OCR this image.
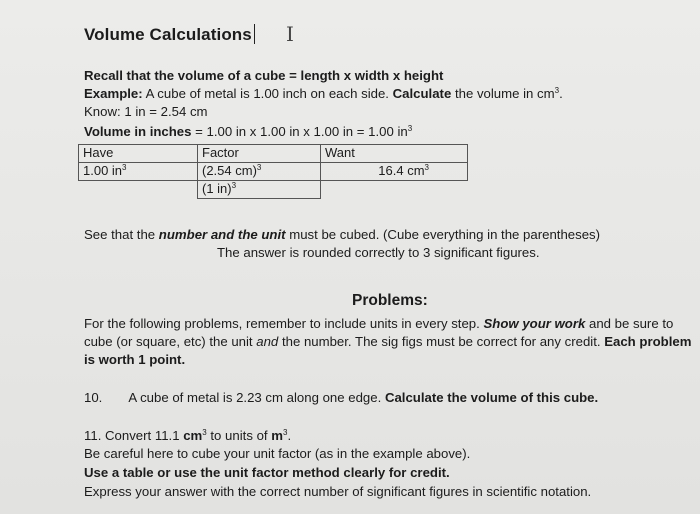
Volume Calculations I
Recall that the volume of a cube = length x width x height
Example: A cube of metal is 1.00 inch on each side. Calculate the volume in $cm^3$.
Know: 1 in = 2.54 cm
Volume in inches = 1.00 in x 1.00 in x 1.00 in = 1.00 $in^3$
Have	Factor	Want
1.00 $in^3$	(2.54 cm)$^3$	16.4 $cm^3$
	(1 in)$^3$	
See that the number and the unit must be cubed. (Cube everything in the parentheses)
The answer is rounded correctly to 3 significant figures.
Problems:
For the following problems, remember to include units in every step. Show your work and be sure to cube (or square, etc) the unit and the number. The sig figs must be correct for any credit. Each problem is worth 1 point.
10. A cube of metal is 2.23 cm along one edge. Calculate the volume of this cube.
11. Convert 11.1 $cm^3$ to units of $m^3$.
Be careful here to cube your unit factor (as in the example above).
Use a table or use the unit factor method clearly for credit.
Express your answer with the correct number of significant figures in scientific notation.
